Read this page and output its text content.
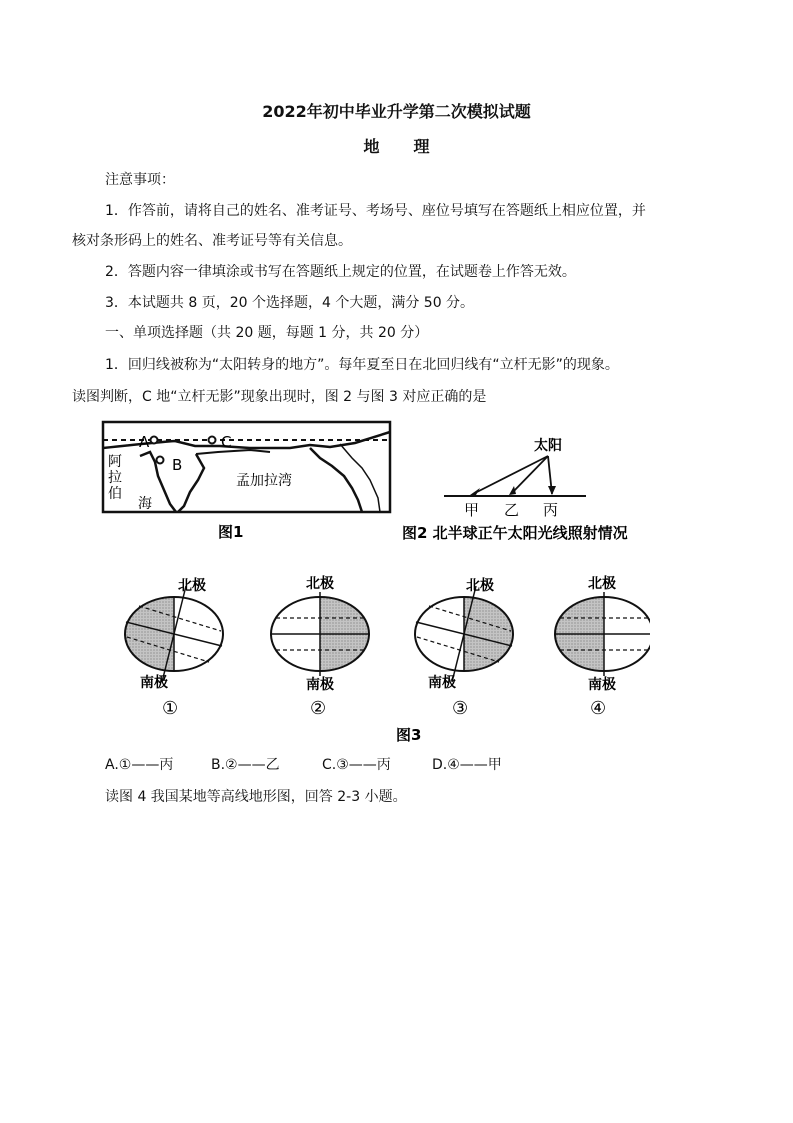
2022年初中毕业升学第二次模拟试题
地 理
注意事项：
1．作答前，请将自己的姓名、准考证号、考场号、座位号填写在答题纸上相应位置，并
核对条形码上的姓名、准考证号等有关信息。
2．答题内容一律填涂或书写在答题纸上规定的位置，在试题卷上作答无效。
3．本试题共 8 页，20 个选择题，4 个大题，满分 50 分。
一、单项选择题（共 20 题，每题 1 分，共 20 分）
1．回归线被称为“太阳转身的地方”。每年夏至日在北回归线有“立杆无影”的现象。
读图判断，C 地“立杆无影”现象出现时，图 2 与图 3 对应正确的是
A	C
B
阿
拉
伯
海
孟加拉湾
图1
太阳
甲 乙 丙
图2 北半球正午太阳光线照射情况
北极
南极
北极
南极
北极
南极
北极
南极
①	②	③	④
图3
A.①——丙	B.②——乙	C.③——丙	D.④——甲
读图 4 我国某地等高线地形图，回答 2-3 小题。
